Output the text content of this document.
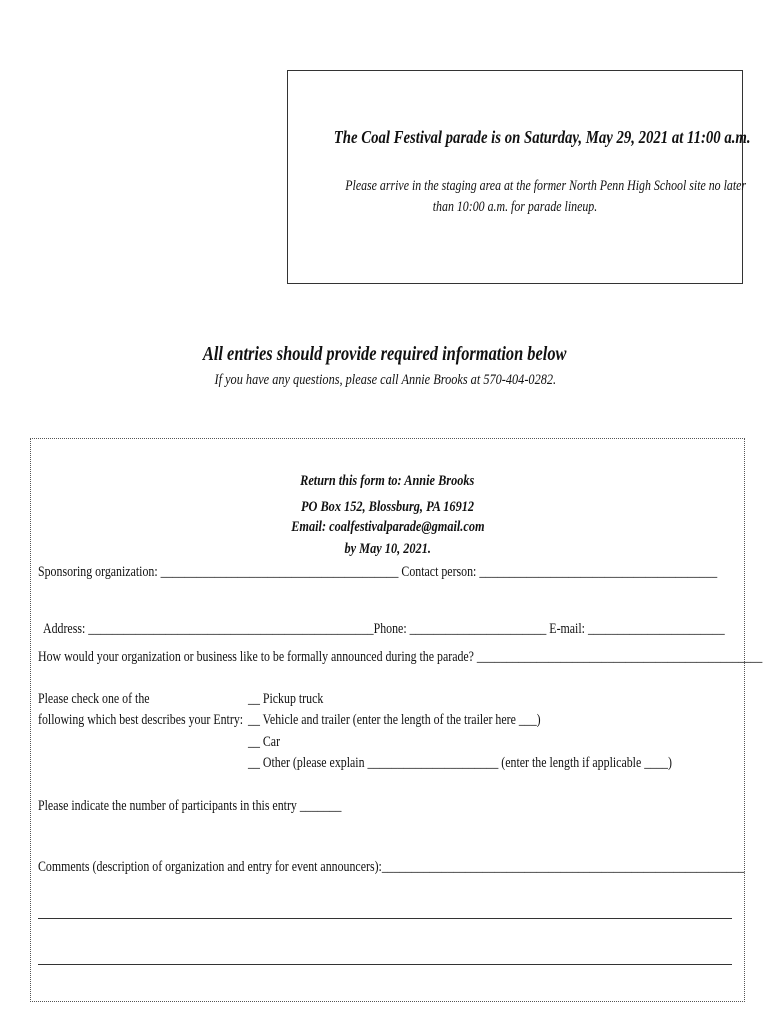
The Coal Festival parade is on Saturday, May 29, 2021 at 11:00 a.m.
Please arrive in the staging area at the former North Penn High School site no later
than 10:00 a.m. for parade lineup.
All entries should provide required information below
If you have any questions, please call Annie Brooks at 570-404-0282.
Return this form to: Annie Brooks
PO Box 152, Blossburg, PA 16912
Email: coalfestivalparade@gmail.com
by May 10, 2021.
Sponsoring organization: ________________________________________ Contact person: ________________________________________
Address: ________________________________________________Phone: _______________________ E-mail: _______________________
How would your organization or business like to be formally announced during the parade? ________________________________________________
Please check one of the
following which best describes your Entry:
__ Pickup truck
__ Vehicle and trailer (enter the length of the trailer here ___)
__ Car
__ Other (please explain ______________________ (enter the length if applicable ____)
Please indicate the number of participants in this entry _______
Comments (description of organization and entry for event announcers):_____________________________________________________________
